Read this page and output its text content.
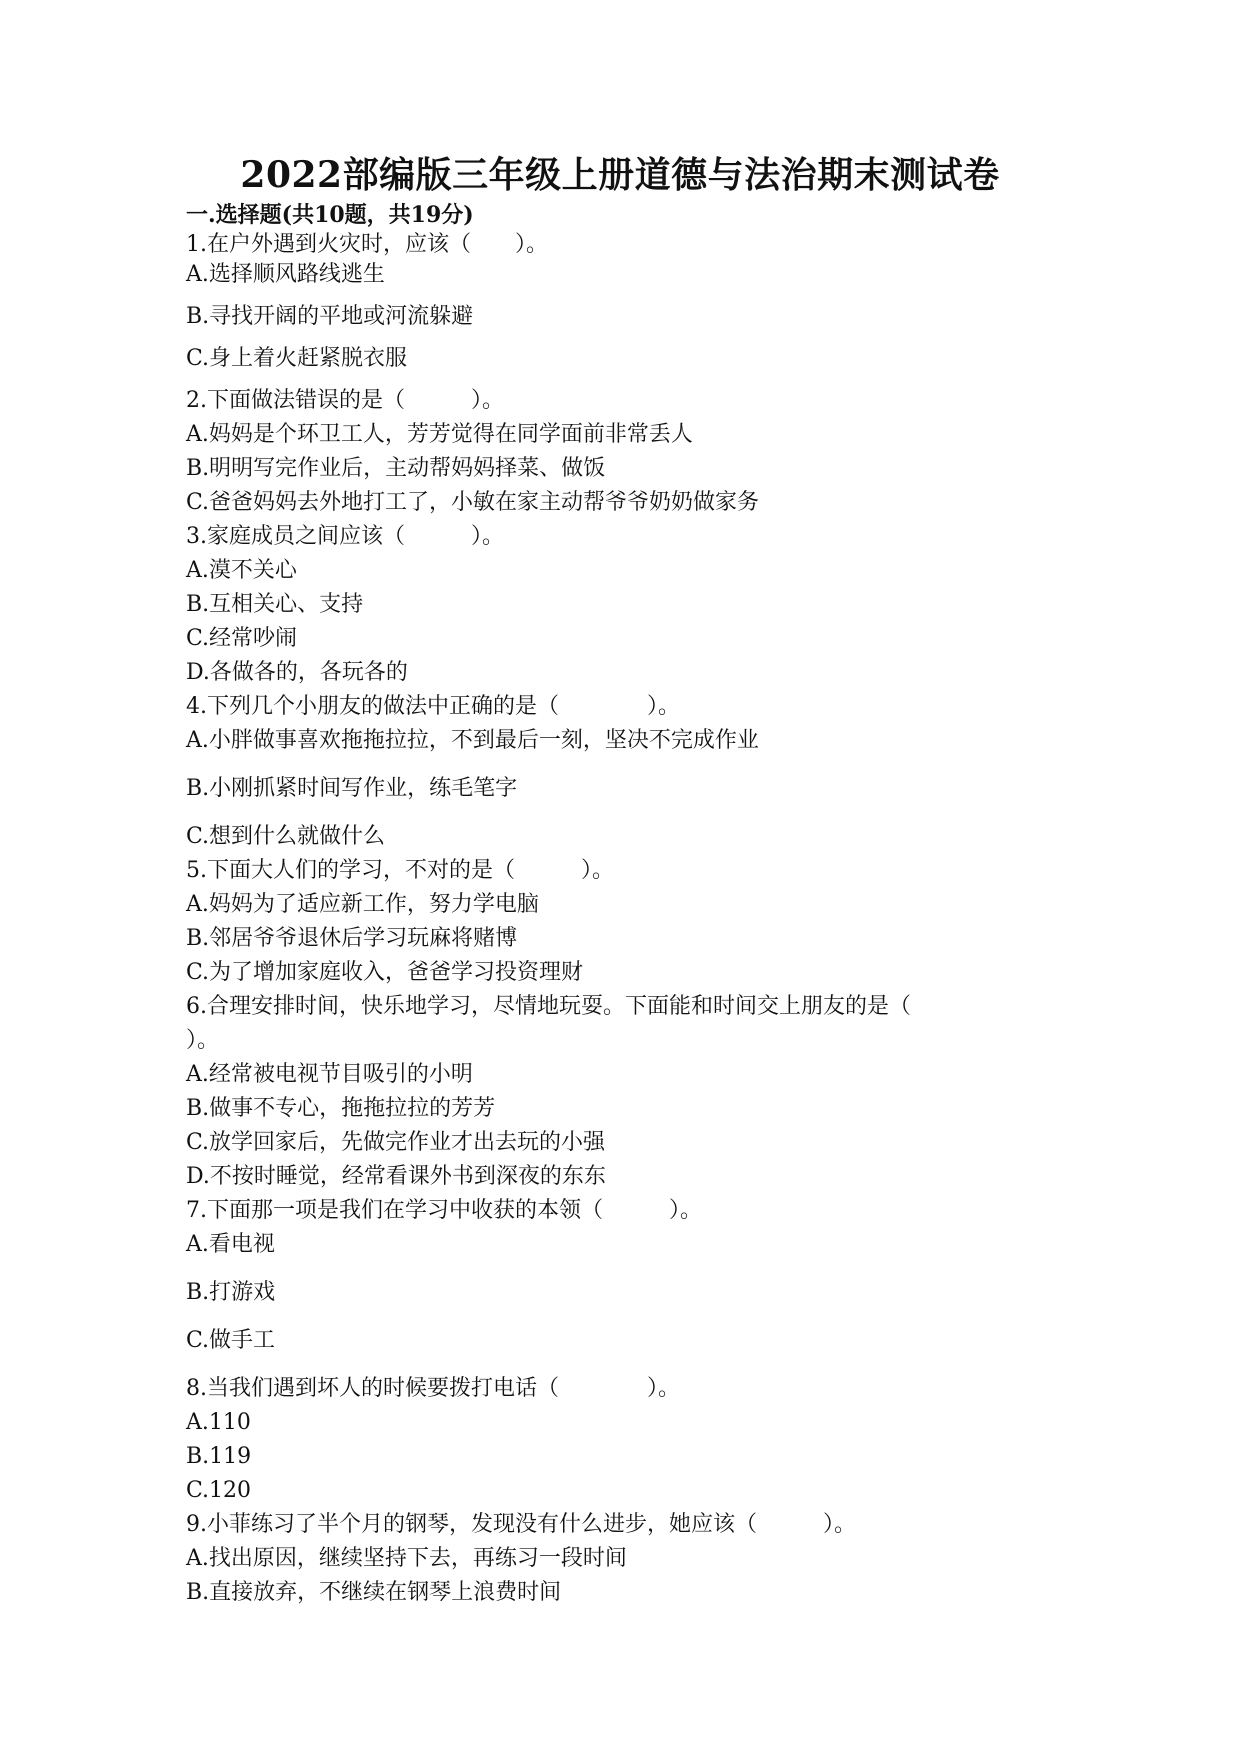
2022部编版三年级上册道德与法治期末测试卷
一.选择题(共10题，共19分)

1.在户外遇到火灾时，应该（　　）。

A.选择顺风路线逃生

B.寻找开阔的平地或河流躲避

C.身上着火赶紧脱衣服

2.下面做法错误的是（　　　）。

A.妈妈是个环卫工人，芳芳觉得在同学面前非常丢人

B.明明写完作业后，主动帮妈妈择菜、做饭

C.爸爸妈妈去外地打工了，小敏在家主动帮爷爷奶奶做家务

3.家庭成员之间应该（　　　）。

A.漠不关心

B.互相关心、支持

C.经常吵闹

D.各做各的，各玩各的

4.下列几个小朋友的做法中正确的是（　　　　）。

A.小胖做事喜欢拖拖拉拉，不到最后一刻，坚决不完成作业

B.小刚抓紧时间写作业，练毛笔字

C.想到什么就做什么

5.下面大人们的学习，不对的是（　　　）。

A.妈妈为了适应新工作，努力学电脑

B.邻居爷爷退休后学习玩麻将赌博

C.为了增加家庭收入，爸爸学习投资理财

6.合理安排时间，快乐地学习，尽情地玩耍。下面能和时间交上朋友的是（

）。

A.经常被电视节目吸引的小明

B.做事不专心，拖拖拉拉的芳芳

C.放学回家后，先做完作业才出去玩的小强

D.不按时睡觉，经常看课外书到深夜的东东

7.下面那一项是我们在学习中收获的本领（　　　）。

A.看电视

B.打游戏

C.做手工

8.当我们遇到坏人的时候要拨打电话（　　　　）。

A.110

B.119

C.120

9.小菲练习了半个月的钢琴，发现没有什么进步，她应该（　　　）。

A.找出原因，继续坚持下去，再练习一段时间

B.直接放弃，不继续在钢琴上浪费时间
